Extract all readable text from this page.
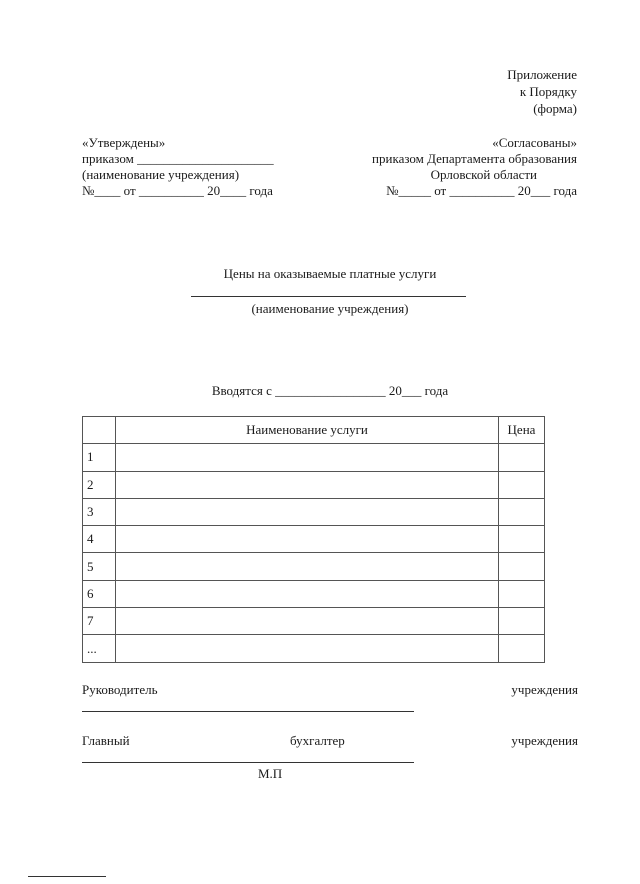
Приложение
к Порядку
(форма)
«Утверждены»
приказом _____________________
(наименование учреждения)
№____ от __________ 20____ года
«Согласованы»
приказом Департамента образования
Орловской области
№_____ от __________ 20___ года
Цены на оказываемые платные услуги
(наименование учреждения)
Вводятся с _________________ 20___ года
	Наименование услуги	Цена
1		
2		
3		
4		
5		
6		
7		
...		
Руководитель	учреждения
Главный	бухгалтер	учреждения
М.П
